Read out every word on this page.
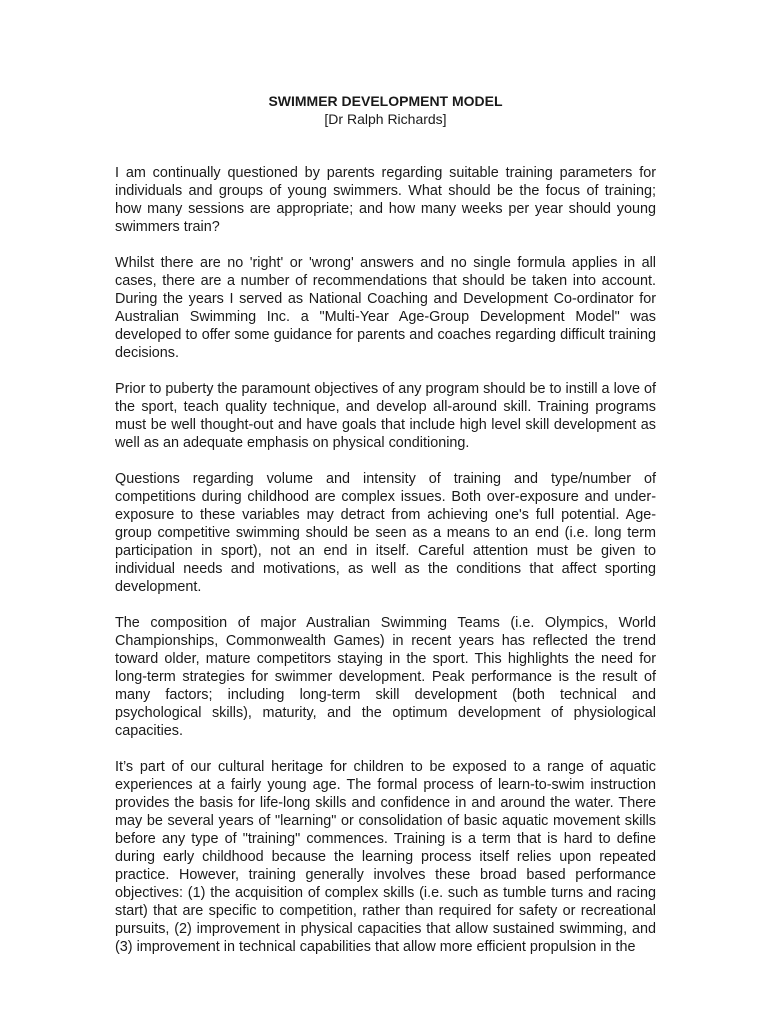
SWIMMER DEVELOPMENT MODEL

[Dr Ralph Richards]

I am continually questioned by parents regarding suitable training parameters for individuals and groups of young swimmers. What should be the focus of training; how many sessions are appropriate; and how many weeks per year should young swimmers train?

Whilst there are no 'right' or 'wrong' answers and no single formula applies in all cases, there are a number of recommendations that should be taken into account. During the years I served as National Coaching and Development Co-ordinator for Australian Swimming Inc. a "Multi-Year Age-Group Development Model" was developed to offer some guidance for parents and coaches regarding difficult training decisions.

Prior to puberty the paramount objectives of any program should be to instill a love of the sport, teach quality technique, and develop all-around skill. Training programs must be well thought-out and have goals that include high level skill development as well as an adequate emphasis on physical conditioning.

Questions regarding volume and intensity of training and type/number of competitions during childhood are complex issues. Both over-exposure and under-exposure to these variables may detract from achieving one's full potential. Age-group competitive swimming should be seen as a means to an end (i.e. long term participation in sport), not an end in itself. Careful attention must be given to individual needs and motivations, as well as the conditions that affect sporting development.

The composition of major Australian Swimming Teams (i.e. Olympics, World Championships, Commonwealth Games) in recent years has reflected the trend toward older, mature competitors staying in the sport. This highlights the need for long-term strategies for swimmer development. Peak performance is the result of many factors; including long-term skill development (both technical and psychological skills), maturity, and the optimum development of physiological capacities.

It’s part of our cultural heritage for children to be exposed to a range of aquatic experiences at a fairly young age. The formal process of learn-to-swim instruction provides the basis for life-long skills and confidence in and around the water. There may be several years of "learning" or consolidation of basic aquatic movement skills before any type of "training" commences. Training is a term that is hard to define during early childhood because the learning process itself relies upon repeated practice. However, training generally involves these broad based performance objectives: (1) the acquisition of complex skills (i.e. such as tumble turns and racing start) that are specific to competition, rather than required for safety or recreational pursuits, (2) improvement in physical capacities that allow sustained swimming, and (3) improvement in technical capabilities that allow more efficient propulsion in the
